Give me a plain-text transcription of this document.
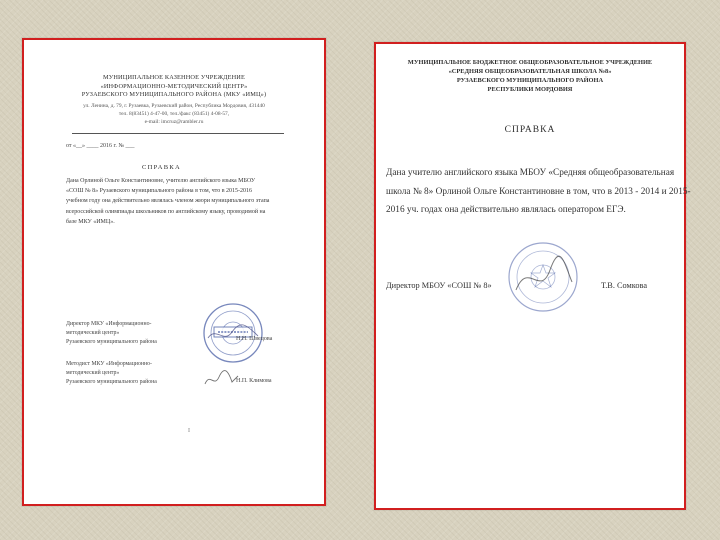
МУНИЦИПАЛЬНОЕ КАЗЕННОЕ УЧРЕЖДЕНИЕ
«ИНФОРМАЦИОННО-МЕТОДИЧЕСКИЙ ЦЕНТР»
РУЗАЕВСКОГО МУНИЦИПАЛЬНОГО РАЙОНА (МКУ «ИМЦ»)
ул. Ленина, д. 79, г. Рузаевка, Рузаевский район, Республика Мордовия, 431440
тел. 8(83451) 4-47-00, тел./факс (83451) 4-08-57,
e-mail: imcruz@rambler.ru
от «__» ____ 2016 г. № ___
СПРАВКА
Дана Орлиной Ольге Константиновне, учителю английского языка МБОУ
«СОШ № 8» Рузаевского муниципального района в том, что в 2015-2016
учебном году она действительно являлась членом жюри муниципального этапа
всероссийской олимпиады школьников по английскому языку, проводимой на
базе МКУ «ИМЦ».
Директор МКУ «Информационно-
методический центр»
Рузаевского муниципального района	Н.Н. Швецова
Методист МКУ «Информационно-
методический центр»
Рузаевского муниципального района	Н.П. Климова
I
МУНИЦИПАЛЬНОЕ БЮДЖЕТНОЕ ОБЩЕОБРАЗОВАТЕЛЬНОЕ УЧРЕЖДЕНИЕ
«СРЕДНЯЯ ОБЩЕОБРАЗОВАТЕЛЬНАЯ ШКОЛА №8»
РУЗАЕВСКОГО МУНИЦИПАЛЬНОГО РАЙОНА
РЕСПУБЛИКИ МОРДОВИЯ
СПРАВКА
Дана учителю английского языка МБОУ «Средняя общеобразовательная
школа № 8» Орлиной Ольге Константиновне в том, что в 2013 - 2014 и 2015-
2016 уч. годах она действительно являлась оператором ЕГЭ.
Директор МБОУ «СОШ № 8»	Т.В. Сомкова
